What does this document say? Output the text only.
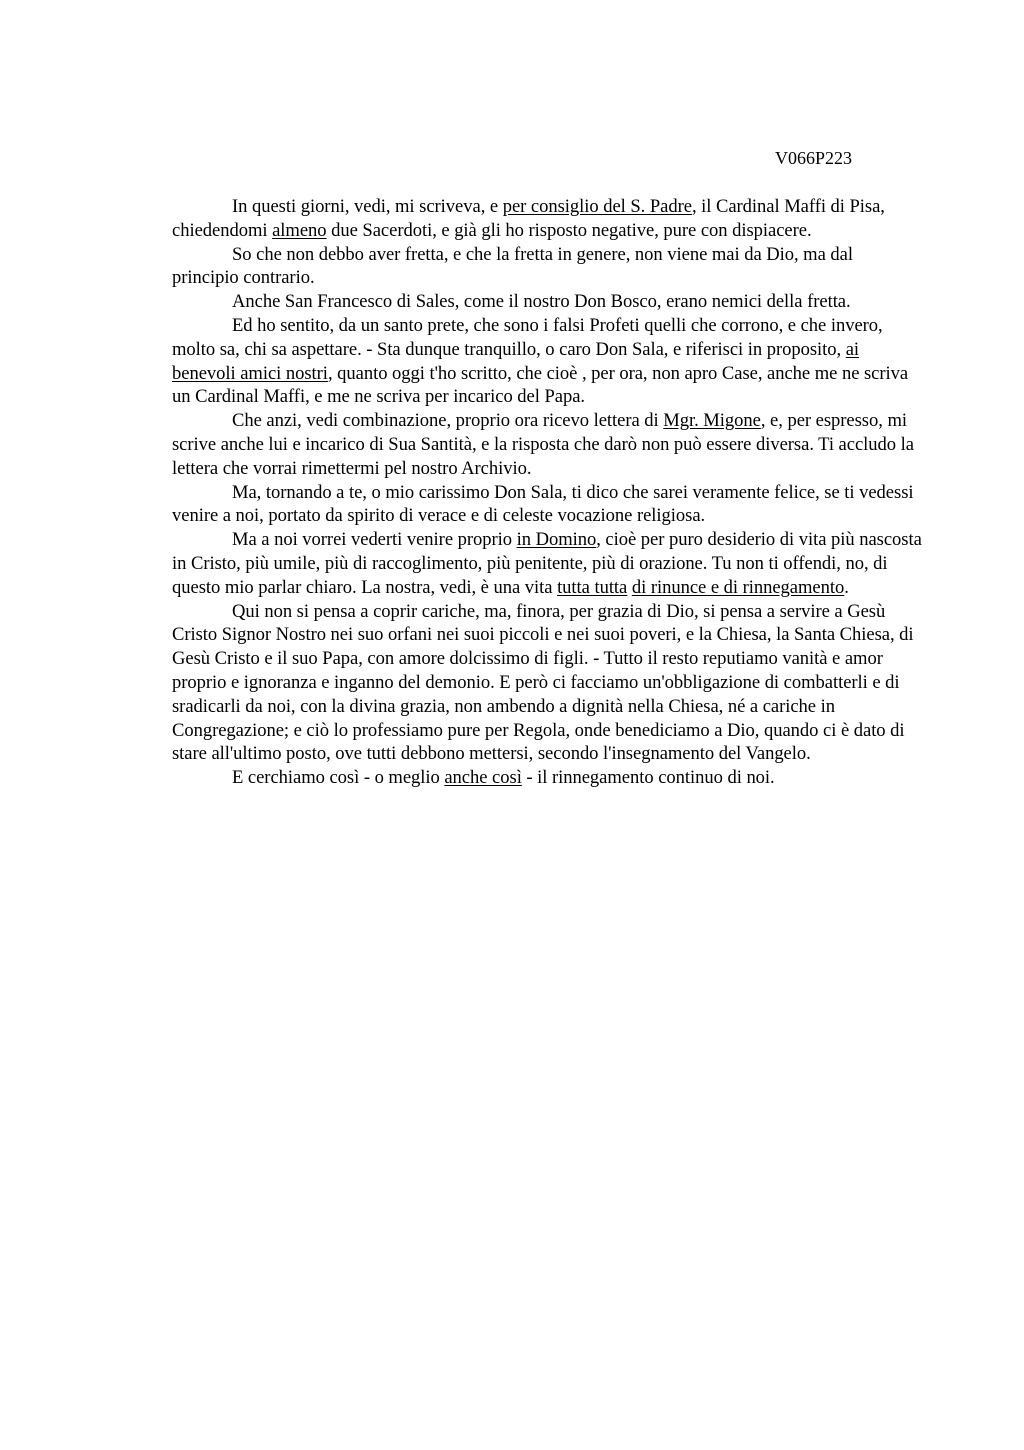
V066P223

In questi giorni, vedi, mi scriveva, e per consiglio del S. Padre, il Cardinal Maffi di Pisa, chiedendomi almeno due Sacerdoti, e già gli ho risposto negative, pure con dispiacere.

So che non debbo aver fretta, e che la fretta in genere, non viene mai da Dio, ma dal principio contrario.

Anche San Francesco di Sales, come il nostro Don Bosco, erano nemici della fretta.

Ed ho sentito, da un santo prete, che sono i falsi Profeti quelli che corrono, e che invero, molto sa, chi sa aspettare. - Sta dunque tranquillo, o caro Don Sala, e riferisci in proposito, ai benevoli amici nostri, quanto oggi t'ho scritto, che cioè , per ora, non apro Case, anche me ne scriva un Cardinal Maffi, e me ne scriva per incarico del Papa.

Che anzi, vedi combinazione, proprio ora ricevo lettera di Mgr. Migone, e, per espresso, mi scrive anche lui e incarico di Sua Santità, e la risposta che darò non può essere diversa. Ti accludo la lettera che vorrai rimettermi pel nostro Archivio.

Ma, tornando a te, o mio carissimo Don Sala, ti dico che sarei veramente felice, se ti vedessi venire a noi, portato da spirito di verace e di celeste vocazione religiosa.

Ma a noi vorrei vederti venire proprio in Domino, cioè per puro desiderio di vita più nascosta in Cristo, più umile, più di raccoglimento, più penitente, più di orazione. Tu non ti offendi, no, di questo mio parlar chiaro. La nostra, vedi, è una vita tutta tutta di rinunce e di rinnegamento.

Qui non si pensa a coprir cariche, ma, finora, per grazia di Dio, si pensa a servire a Gesù Cristo Signor Nostro nei suo orfani nei suoi piccoli e nei suoi poveri, e la Chiesa, la Santa Chiesa, di Gesù Cristo e il suo Papa, con amore dolcissimo di figli. - Tutto il resto reputiamo vanità e amor proprio e ignoranza e inganno del demonio. E però ci facciamo un'obbligazione di combatterli e di sradicarli da noi, con la divina grazia, non ambendo a dignità nella Chiesa, né a cariche in Congregazione; e ciò lo professiamo pure per Regola, onde benediciamo a Dio, quando ci è dato di stare all'ultimo posto, ove tutti debbono mettersi, secondo l'insegnamento del Vangelo.

E cerchiamo così - o meglio anche così - il rinnegamento continuo di noi.
